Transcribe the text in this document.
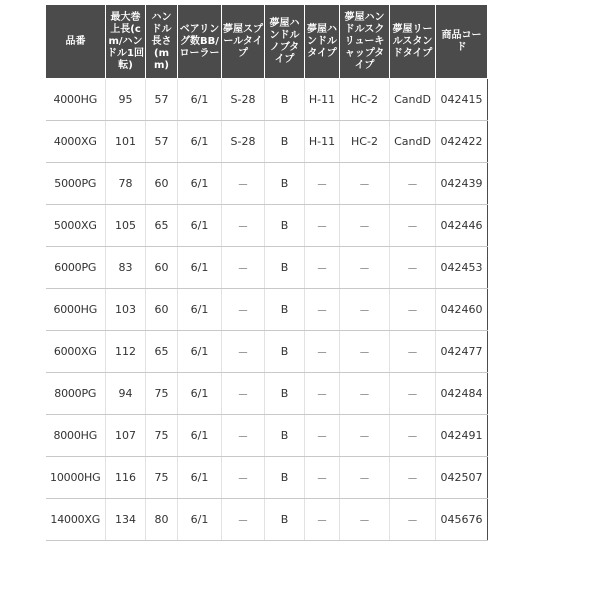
品番	最大巻上長(cm/ハンドル1回転)	ハンドル長さ(mm)	ベアリング数BB/ローラー	夢屋スプールタイプ	夢屋ハンドルノブタイプ	夢屋ハンドルタイプ	夢屋ハンドルスクリューキャップタイプ	夢屋リールスタンドタイプ	商品コード
4000HG	95	57	6/1	S-28	B	H-11	HC-2	CandD	042415
4000XG	101	57	6/1	S-28	B	H-11	HC-2	CandD	042422
5000PG	78	60	6/1	－	B	－	－	－	042439
5000XG	105	65	6/1	－	B	－	－	－	042446
6000PG	83	60	6/1	－	B	－	－	－	042453
6000HG	103	60	6/1	－	B	－	－	－	042460
6000XG	112	65	6/1	－	B	－	－	－	042477
8000PG	94	75	6/1	－	B	－	－	－	042484
8000HG	107	75	6/1	－	B	－	－	－	042491
10000HG	116	75	6/1	－	B	－	－	－	042507
14000XG	134	80	6/1	－	B	－	－	－	045676
